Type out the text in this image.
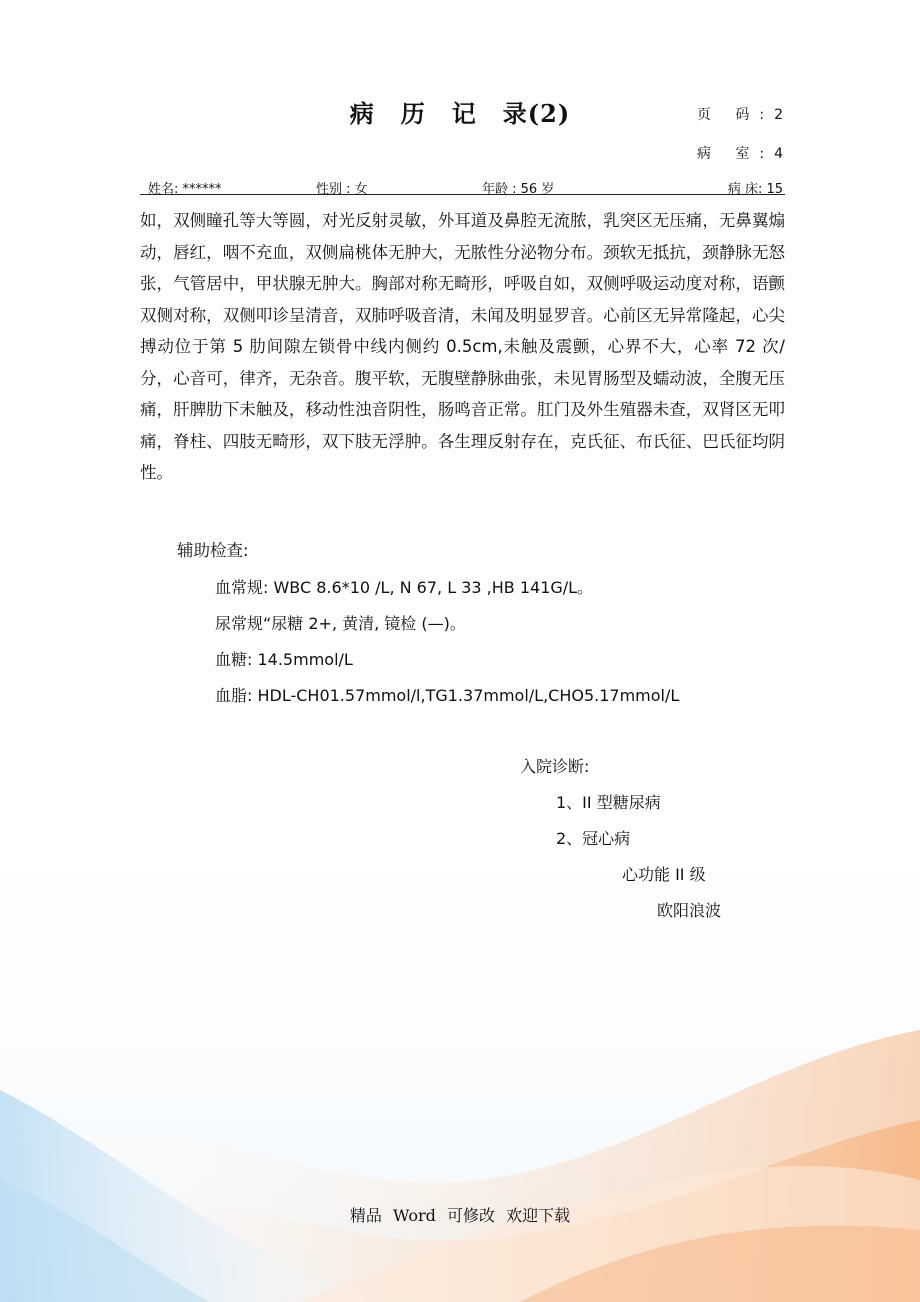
病 历 记 录(2)	页 码:2
病 室:4
姓名: ******	性别 : 女	年龄 : 56 岁	病 床: 15

如，双侧瞳孔等大等圆，对光反射灵敏，外耳道及鼻腔无流脓，乳突区无压痛，无鼻翼煽动，唇红，咽不充血，双侧扁桃体无肿大，无脓性分泌物分布。颈软无抵抗，颈静脉无怒张，气管居中，甲状腺无肿大。胸部对称无畸形，呼吸自如，双侧呼吸运动度对称，语颤双侧对称，双侧叩诊呈清音，双肺呼吸音清，未闻及明显罗音。心前区无异常隆起，心尖搏动位于第 5 肋间隙左锁骨中线内侧约 0.5cm,未触及震颤，心界不大，心率 72 次/分，心音可，律齐，无杂音。腹平软，无腹壁静脉曲张，未见胃肠型及蠕动波，全腹无压痛，肝脾肋下未触及，移动性浊音阴性，肠鸣音正常。肛门及外生殖器未查，双肾区无叩痛，脊柱、四肢无畸形，双下肢无浮肿。各生理反射存在，克氏征、布氏征、巴氏征均阴性。

辅助检查:
血常规: WBC 8.6*10 /L, N 67, L 33 ,HB 141G/L。
尿常规“尿糖 2+, 黄清, 镜检 (—)。
血糖: 14.5mmol/L
血脂: HDL-CH01.57mmol/l,TG1.37mmol/L,CHO5.17mmol/L
入院诊断:
1、II 型糖尿病
2、冠心病
心功能 II 级
欧阳浪波
精品 Word 可修改 欢迎下载
